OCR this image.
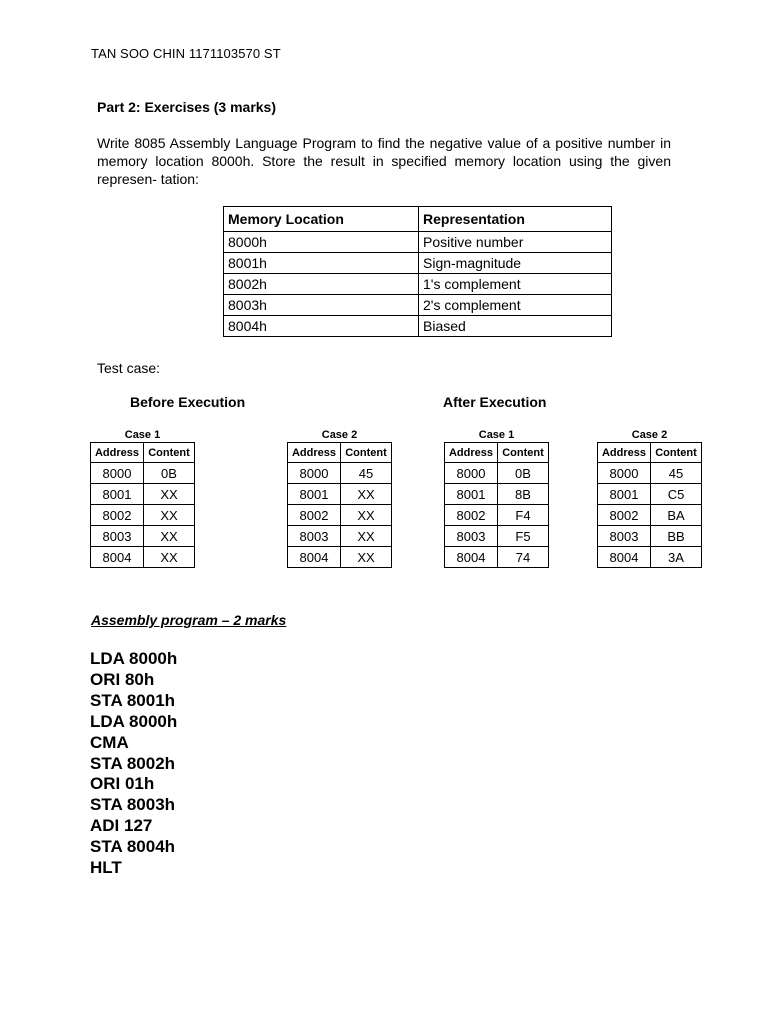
TAN SOO CHIN 1171103570 ST
Part 2: Exercises (3 marks)
Write 8085 Assembly Language Program to find the negative value of a positive number in memory location 8000h. Store the result in specified memory location using the given represen- tation:
Memory Location	Representation
8000h	Positive number
8001h	Sign-magnitude
8002h	1's complement
8003h	2's complement
8004h	Biased
Test case:
Before Execution	After Execution
Case 1
Address	Content
8000	0B
8001	XX
8002	XX
8003	XX
8004	XX
Case 2
Address	Content
8000	45
8001	XX
8002	XX
8003	XX
8004	XX
Case 1
Address	Content
8000	0B
8001	8B
8002	F4
8003	F5
8004	74
Case 2
Address	Content
8000	45
8001	C5
8002	BA
8003	BB
8004	3A
Assembly program – 2 marks
LDA 8000h
ORI 80h
STA 8001h
LDA 8000h
CMA
STA 8002h
ORI 01h
STA 8003h
ADI 127
STA 8004h
HLT
